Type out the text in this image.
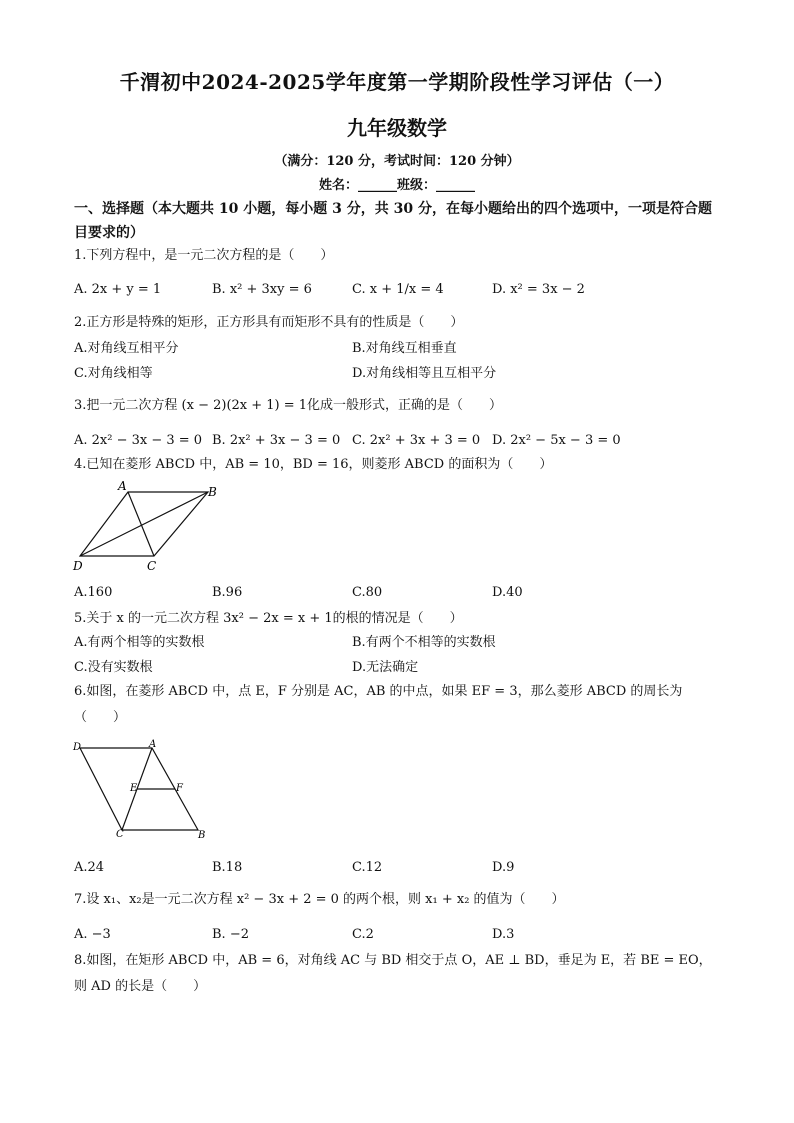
千渭初中2024-2025学年度第一学期阶段性学习评估（一）
九年级数学
（满分：120 分，考试时间：120 分钟）
姓名：______班级：______
一、选择题（本大题共 10 小题，每小题 3 分，共 30 分，在每小题给出的四个选项中，一项是符合题目要求的）
1.下列方程中，是一元二次方程的是（　　）
A. 2x + y = 1	B. x² + 3xy = 6	C. x + 1/x = 4	D. x² = 3x − 2
2.正方形是特殊的矩形，正方形具有而矩形不具有的性质是（　　）
A.对角线互相平分	B.对角线互相垂直
C.对角线相等	D.对角线相等且互相平分
3.把一元二次方程 (x − 2)(2x + 1) = 1化成一般形式，正确的是（　　）
A. 2x² − 3x − 3 = 0 B. 2x² + 3x − 3 = 0 C. 2x² + 3x + 3 = 0 D. 2x² − 5x − 3 = 0
4.已知在菱形 ABCD 中，AB = 10，BD = 16，则菱形 ABCD 的面积为（　　）
A	B
C
D
A.160	B.96	C.80	D.40
5.关于 x 的一元二次方程 3x² − 2x = x + 1的根的情况是（　　）
A.有两个相等的实数根	B.有两个不相等的实数根
C.没有实数根	D.无法确定
6.如图，在菱形 ABCD 中，点 E，F 分别是 AC，AB 的中点，如果 EF = 3，那么菱形 ABCD 的周长为（　　）
D	A
E	F
C	B
A.24	B.18	C.12	D.9
7.设 x₁、x₂是一元二次方程 x² − 3x + 2 = 0 的两个根，则 x₁ + x₂ 的值为（　　）
A. −3	B. −2	C.2	D.3
8.如图，在矩形 ABCD 中，AB = 6，对角线 AC 与 BD 相交于点 O，AE ⊥ BD，垂足为 E，若 BE = EO，则 AD 的长是（　　）
